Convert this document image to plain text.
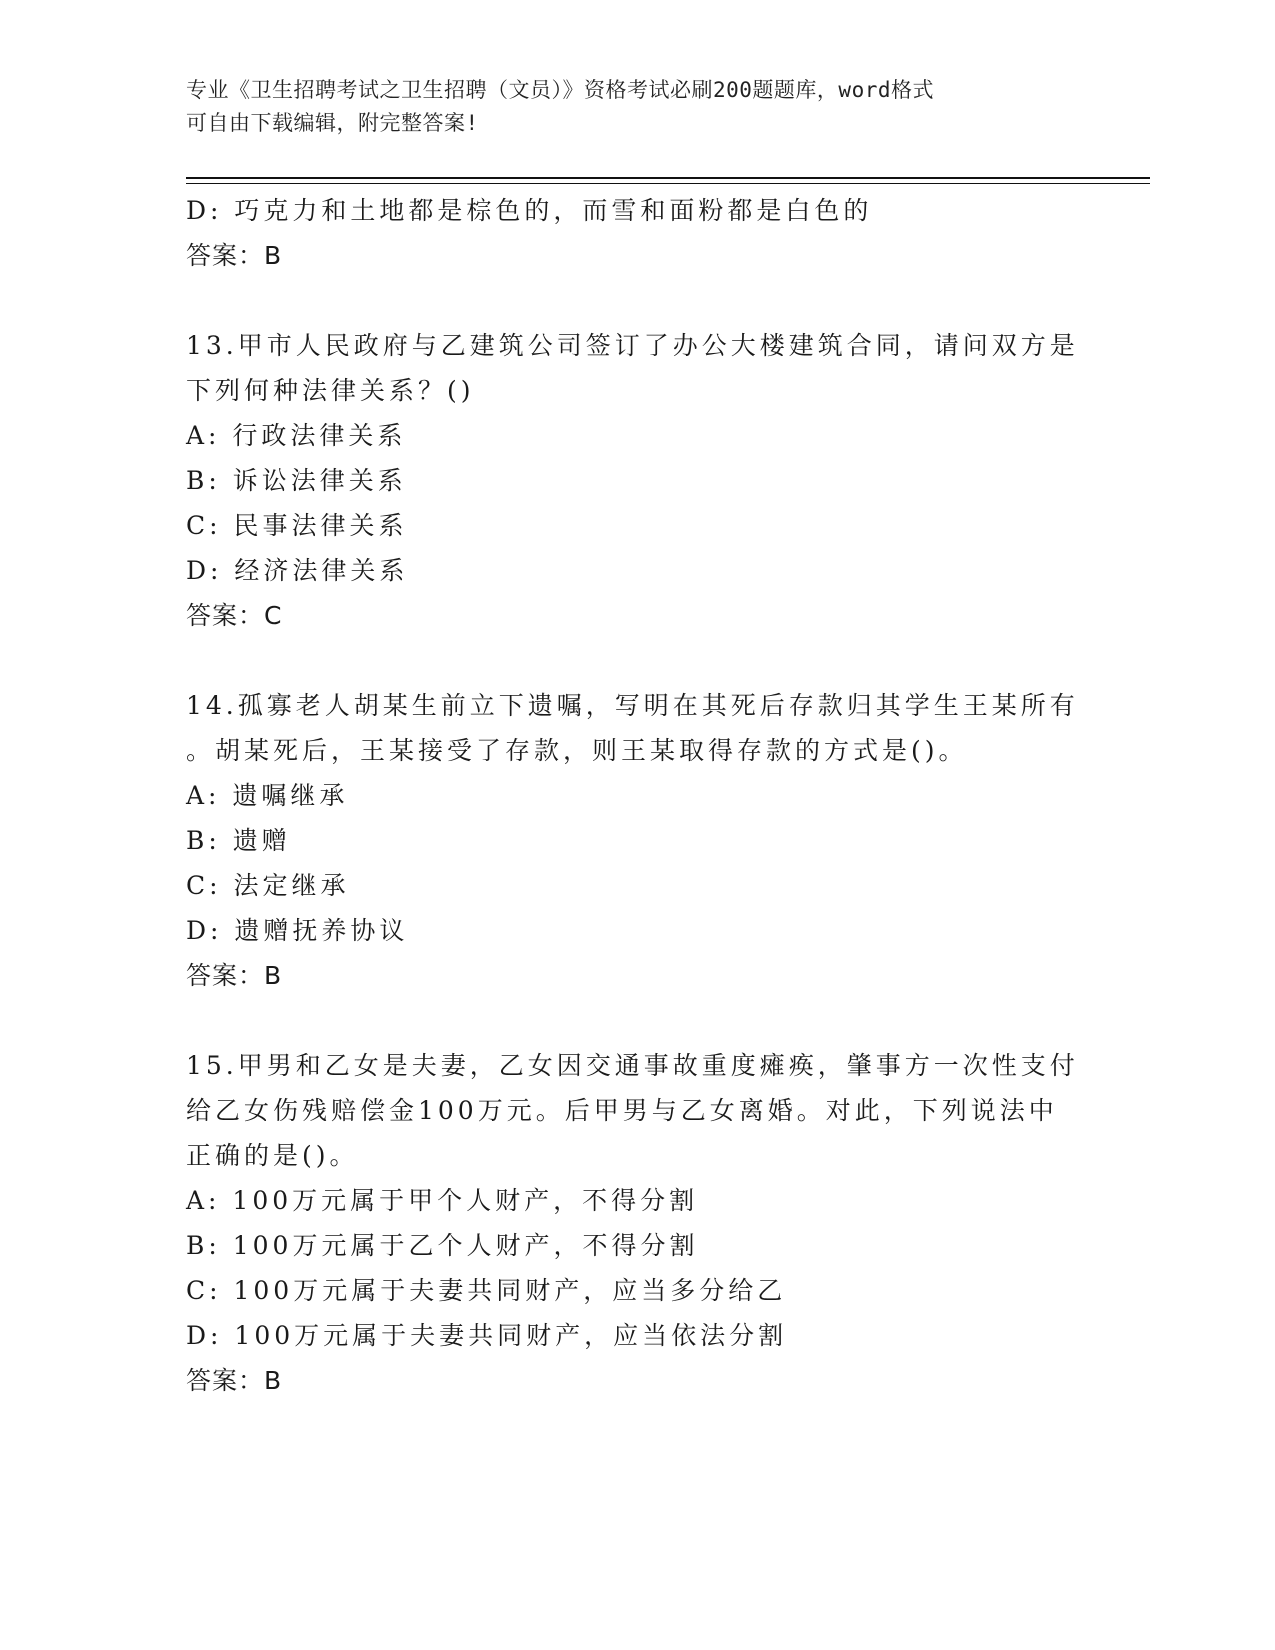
专业《卫生招聘考试之卫生招聘（文员）》资格考试必刷200题题库，word格式
可自由下载编辑，附完整答案!
D: 巧克力和土地都是棕色的，而雪和面粉都是白色的
答案：B
13.甲市人民政府与乙建筑公司签订了办公大楼建筑合同，请问双方是
下列何种法律关系？()
A: 行政法律关系
B: 诉讼法律关系
C: 民事法律关系
D: 经济法律关系
答案：C
14.孤寡老人胡某生前立下遗嘱，写明在其死后存款归其学生王某所有
。胡某死后，王某接受了存款，则王某取得存款的方式是()。
A: 遗嘱继承
B: 遗赠
C: 法定继承
D: 遗赠抚养协议
答案：B
15.甲男和乙女是夫妻，乙女因交通事故重度瘫痪，肇事方一次性支付
给乙女伤残赔偿金100万元。后甲男与乙女离婚。对此，下列说法中
正确的是()。
A: 100万元属于甲个人财产，不得分割
B: 100万元属于乙个人财产，不得分割
C: 100万元属于夫妻共同财产，应当多分给乙
D: 100万元属于夫妻共同财产，应当依法分割
答案：B
